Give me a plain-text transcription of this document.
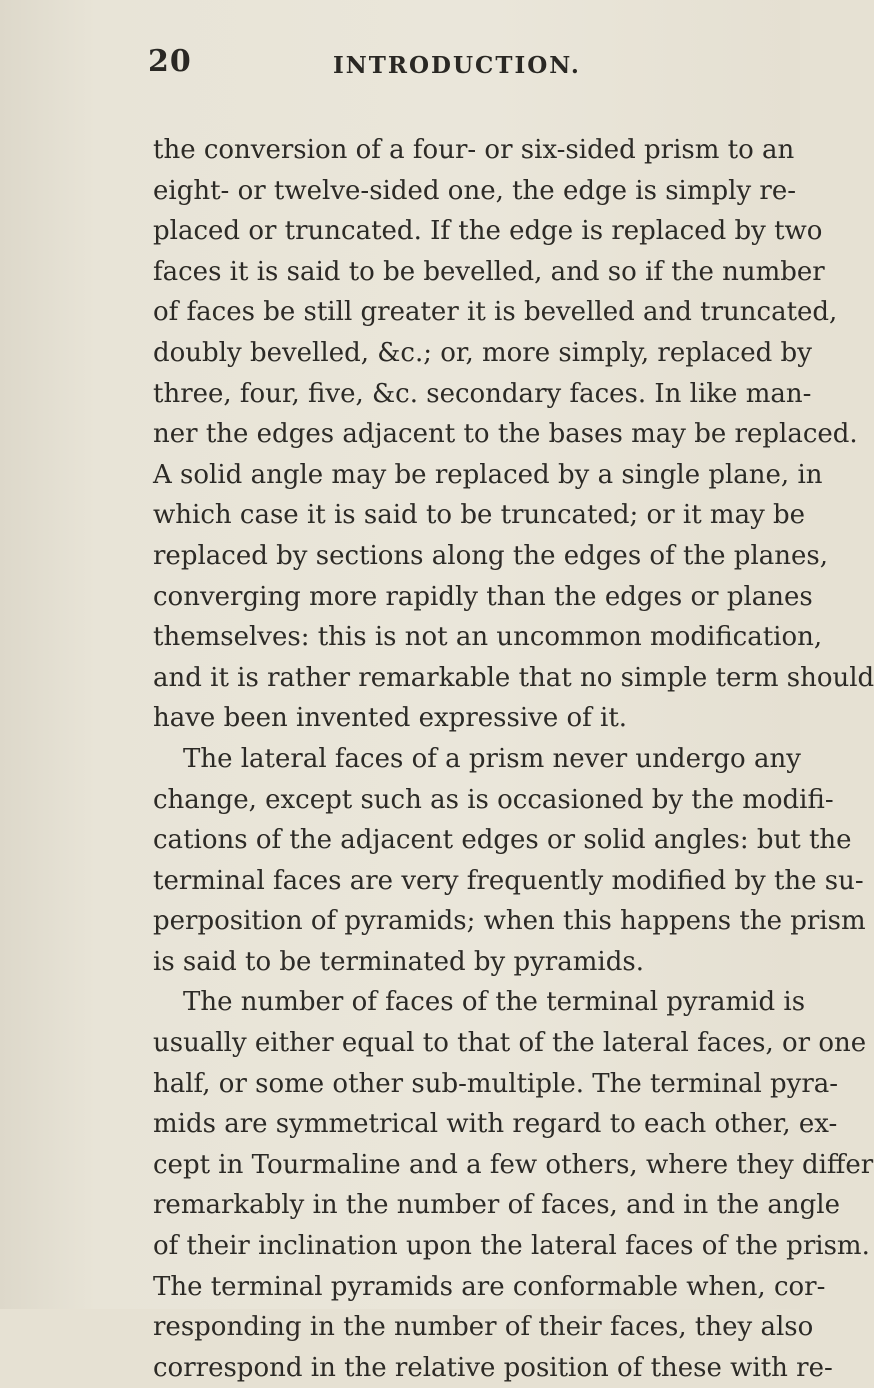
20	INTRODUCTION.
the conversion of a four- or six-sided prism to an
eight- or twelve-sided one, the edge is simply re-
placed or truncated. If the edge is replaced by two
faces it is said to be bevelled, and so if the number
of faces be still greater it is bevelled and truncated,
doubly bevelled, &c.; or, more simply, replaced by
three, four, five, &c. secondary faces. In like man-
ner the edges adjacent to the bases may be replaced.
A solid angle may be replaced by a single plane, in
which case it is said to be truncated; or it may be
replaced by sections along the edges of the planes,
converging more rapidly than the edges or planes
themselves: this is not an uncommon modification,
and it is rather remarkable that no simple term should
have been invented expressive of it.
The lateral faces of a prism never undergo any
change, except such as is occasioned by the modifi-
cations of the adjacent edges or solid angles: but the
terminal faces are very frequently modified by the su-
perposition of pyramids; when this happens the prism
is said to be terminated by pyramids.
The number of faces of the terminal pyramid is
usually either equal to that of the lateral faces, or one
half, or some other sub-multiple. The terminal pyra-
mids are symmetrical with regard to each other, ex-
cept in Tourmaline and a few others, where they differ
remarkably in the number of faces, and in the angle
of their inclination upon the lateral faces of the prism.
The terminal pyramids are conformable when, cor-
responding in the number of their faces, they also
correspond in the relative position of these with re-
